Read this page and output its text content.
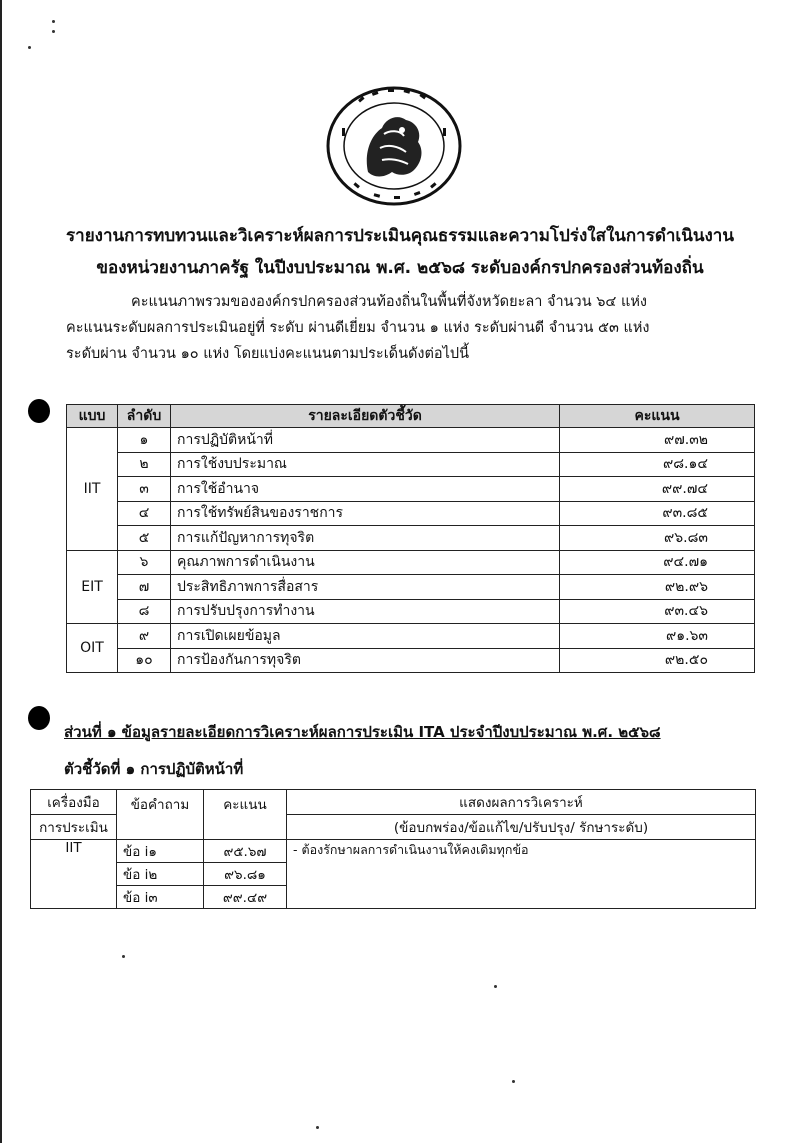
รายงานการทบทวนและวิเคราะห์ผลการประเมินคุณธรรมและความโปร่งใสในการดำเนินงาน
ของหน่วยงานภาครัฐ ในปีงบประมาณ พ.ศ. ๒๕๖๘ ระดับองค์กรปกครองส่วนท้องถิ่น
คะแนนภาพรวมขององค์กรปกครองส่วนท้องถิ่นในพื้นที่จังหวัดยะลา จำนวน ๖๔ แห่ง
คะแนนระดับผลการประเมินอยู่ที่ ระดับ ผ่านดีเยี่ยม จำนวน ๑ แห่ง ระดับผ่านดี จำนวน ๕๓ แห่ง
ระดับผ่าน จำนวน ๑๐ แห่ง โดยแบ่งคะแนนตามประเด็นดังต่อไปนี้
แบบ	ลำดับ	รายละเอียดตัวชี้วัด	คะแนน
IIT	๑	การปฏิบัติหน้าที่	๙๗.๓๒
	๒	การใช้งบประมาณ	๙๘.๑๔
	๓	การใช้อำนาจ	๙๙.๗๔
	๔	การใช้ทรัพย์สินของราชการ	๙๓.๘๕
	๕	การแก้ปัญหาการทุจริต	๙๖.๘๓
EIT	๖	คุณภาพการดำเนินงาน	๙๔.๗๑
	๗	ประสิทธิภาพการสื่อสาร	๙๒.๙๖
	๘	การปรับปรุงการทำงาน	๙๓.๔๖
OIT	๙	การเปิดเผยข้อมูล	๙๑.๖๓
	๑๐	การป้องกันการทุจริต	๙๒.๕๐
ส่วนที่ ๑ ข้อมูลรายละเอียดการวิเคราะห์ผลการประเมิน ITA ประจำปีงบประมาณ พ.ศ. ๒๕๖๘
ตัวชี้วัดที่ ๑ การปฏิบัติหน้าที่
เครื่องมือ	ข้อคำถาม	คะแนน	แสดงผลการวิเคราะห์
การประเมิน			(ข้อบกพร่อง/ข้อแก้ไข/ปรับปรุง/ รักษาระดับ)
IIT	ข้อ i๑	๙๕.๖๗	- ต้องรักษาผลการดำเนินงานให้คงเดิมทุกข้อ
	ข้อ i๒	๙๖.๘๑	
	ข้อ i๓	๙๙.๔๙	
